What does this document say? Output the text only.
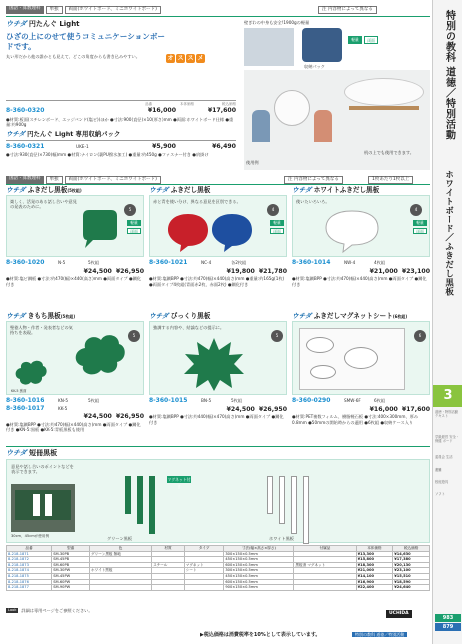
特別の教科 道徳／特別活動
ホワイトボード／ふきだし黒板
3
道徳・特別活動 テキスト
学級経営 安全・保健 ボード
委員会 生活
避難
校庭遊具
ソフト
983
879
国語・算数理科	単独	両面(ホワイトボード、ミニホワイトボード)	注 内容物によって異なる
ウチダ 円たんぐ Light
ひざの上にのせて使うコミュニケーションボードです。
丸い形だから他の誰かとも見えて、どこの角度からも書き込みやすい。	オ ス ス メ
壁ぎわの中身も安全!1900gの軽量
収納パック
軽量	両面
使用例
机の上でも使用できます。
品番	本体価格	税込価格
8-360-0320	¥16,000	¥17,600
●材質:板面(スチレンボード、エッジバンド(塩ビ))ほか ●寸法:900(直径)×10(厚さ)mm ●両面:ホワイトボード仕様 ●重量:約900g
ウチダ 円たんぐ Light 専用収納パック
8-360-0321	UKE-1	¥5,900	¥6,490
●寸法:930(直径)×730(幅)mm ●材質:ナイロン(裏PU撥水加工) ●重量:約450g ●ファスナー付き ●肩掛け
国語・算数理科	単独	両面(ホワイトボード、ミニホワイトボード)	注 内容物によって異なる	1枚あたり1枚以上
ウチダ ふきだし黒板(5枚組)
楽しく、活発のある話し合いや意見の発表のために。
5
軽量
両面
8-360-1020	N-5	5枚組
¥24,500 ¥26,950
●材質:塩ビ鋼板 ●寸法:約470(幅)×440(高さ)mm ●両面タイプ ●鋼化付き
ウチダ ふきだし黒板
赤と青を使い分け、異なる意見を区別できる。
4
軽量
両面
8-360-1021	NC-4	各2枚組
¥19,800 ¥21,780
●材質:塩鋼BPP ●寸法:約470(幅)×440(高さ)mm ●重量:約165g(1枚) ●両面タイプ4枚組(青面赤2枚、赤面2枚) ●鋼化付き
ウチダ ホワイトふきだし黒板
使いたいろいろ。
4
軽量
両面
8-360-1014	NW-4	4枚組
¥21,000 ¥23,100
●材質:塩鋼BPP ●寸法:約470(幅)×440(高さ)mm ●両面タイプ ●鋼化付き
ウチダ きもち黒板(5枚組)
聖徳人物・作者・発表者などの気持ちを表現。
KK-5 裏面
5
8-360-1016	KN-5	5枚組
8-360-1017	KK-5
¥24,500 ¥26,950
●材質:塩鋼BPP ●寸法:約470(幅)×440(高さ)mm ●両面タイプ ●鋼化付き ●KN-5:黒板 ●KK-5:青板黒板も使用
ウチダ びっくり黒板
強調する内容や、結論などの提示に。
5
8-360-1015	BN-5	5枚組
¥24,500 ¥26,950
●材質:塩鋼BPP ●寸法:約440(幅)×470(高さ)mm ●両面タイプ ●鋼化付き
ウチダ ふきだしマグネットシート(6枚組)
6
8-360-0290	SMW-6F	6枚組
¥16,000 ¥17,600
●材質:PET複数フィルム、樹脂軽石板 ●寸法:400×300mm、厚み0.8mm ●50mmの開始時からの適用 ●6枚組 ●収納ケース入り
ウチダ 短冊黒板
意見や話し合いのポイントなどを表示できます。
30cm、45cmが使用例	グリーン黒板
マグネット付き
ホワイト黒板
品番	型番	色	材質	タイプ	寸法(幅×高さ×厚さ)	付属品	本体価格	税込価格
8-218-1871	SM-30PB	グリーン黒板 無地			300×150×0.5mm		¥13,300	¥14,630
8-218-1872	SM-45PB				450×150×0.5mm		¥15,800	¥17,380
8-218-1873	SM-60PB		スチール	マグネット	600×150×0.5mm	黒板消 マグネット	¥18,300	¥20,130
8-218-1874	SM-30PW	ホワイト黒板		シート	300×150×0.5mm		¥21,000	¥23,100
8-218-1875	SM-45PW				450×150×0.5mm		¥14,100	¥15,510
8-218-1876	SM-60PW				600×150×0.5mm		¥16,900	¥18,590
8-218-1877	SM-90PW				900×150×0.5mm		¥22,400	¥24,640
Look	詳細は専用ページをご参照ください。
▶税込価格は消費税率を10%として表示しています。	特別の教科 道徳／特別活動
UCHIDA
